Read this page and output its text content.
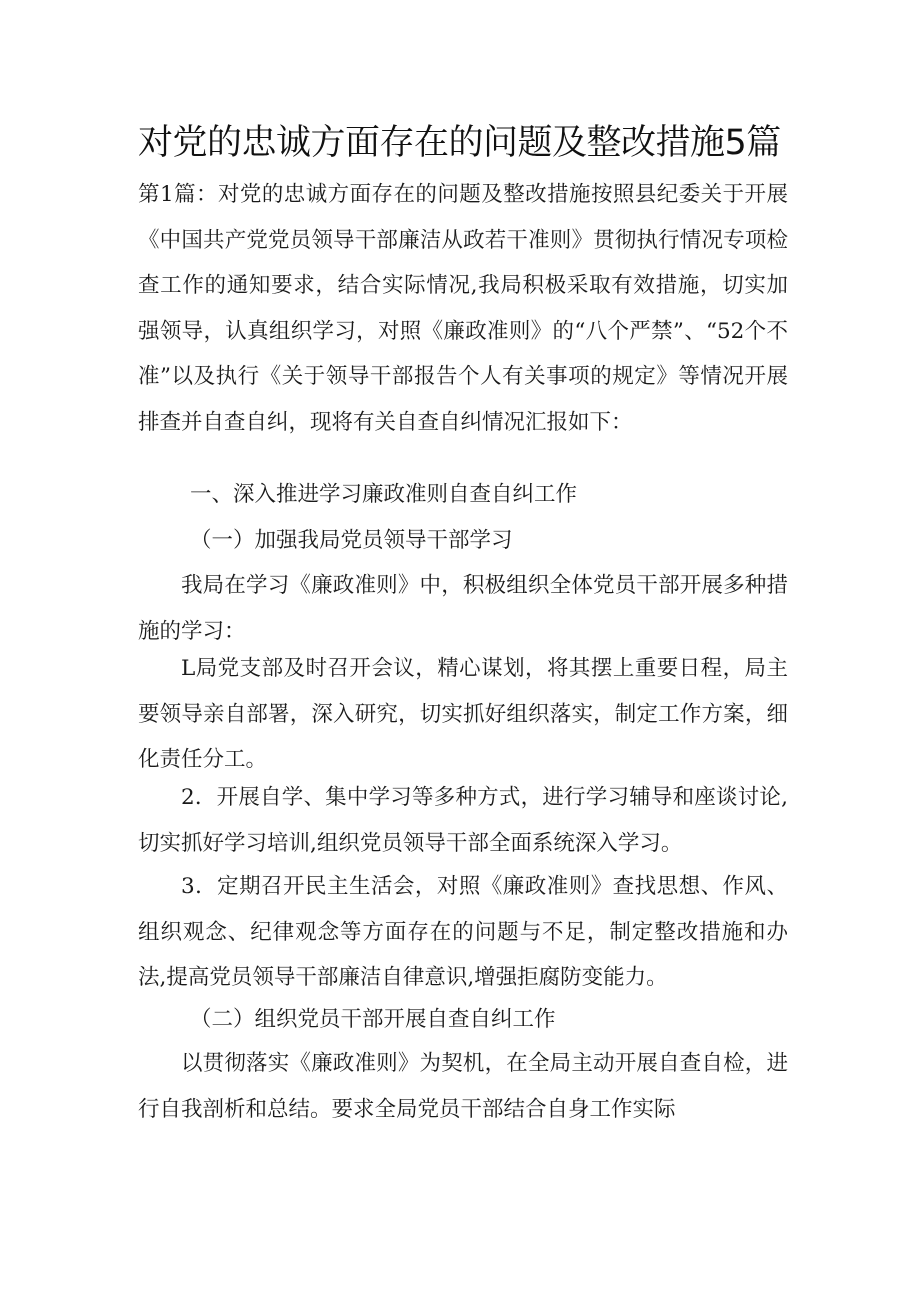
对党的忠诚方面存在的问题及整改措施5篇
第1篇：对党的忠诚方面存在的问题及整改措施按照县纪委关于开展《中国共产党党员领导干部廉洁从政若干准则》贯彻执行情况专项检查工作的通知要求，结合实际情况,我局积极采取有效措施，切实加强领导，认真组织学习，对照《廉政准则》的“八个严禁”、“52个不准”以及执行《关于领导干部报告个人有关事项的规定》等情况开展排查并自查自纠，现将有关自查自纠情况汇报如下：
一、深入推进学习廉政准则自查自纠工作
（一）加强我局党员领导干部学习
我局在学习《廉政准则》中，积极组织全体党员干部开展多种措施的学习：
L局党支部及时召开会议，精心谋划，将其摆上重要日程，局主要领导亲自部署，深入研究，切实抓好组织落实，制定工作方案，细化责任分工。
2．开展自学、集中学习等多种方式，进行学习辅导和座谈讨论,切实抓好学习培训,组织党员领导干部全面系统深入学习。
3．定期召开民主生活会，对照《廉政准则》查找思想、作风、组织观念、纪律观念等方面存在的问题与不足，制定整改措施和办法,提高党员领导干部廉洁自律意识,增强拒腐防变能力。
（二）组织党员干部开展自查自纠工作
以贯彻落实《廉政准则》为契机，在全局主动开展自查自检，进行自我剖析和总结。要求全局党员干部结合自身工作实际
